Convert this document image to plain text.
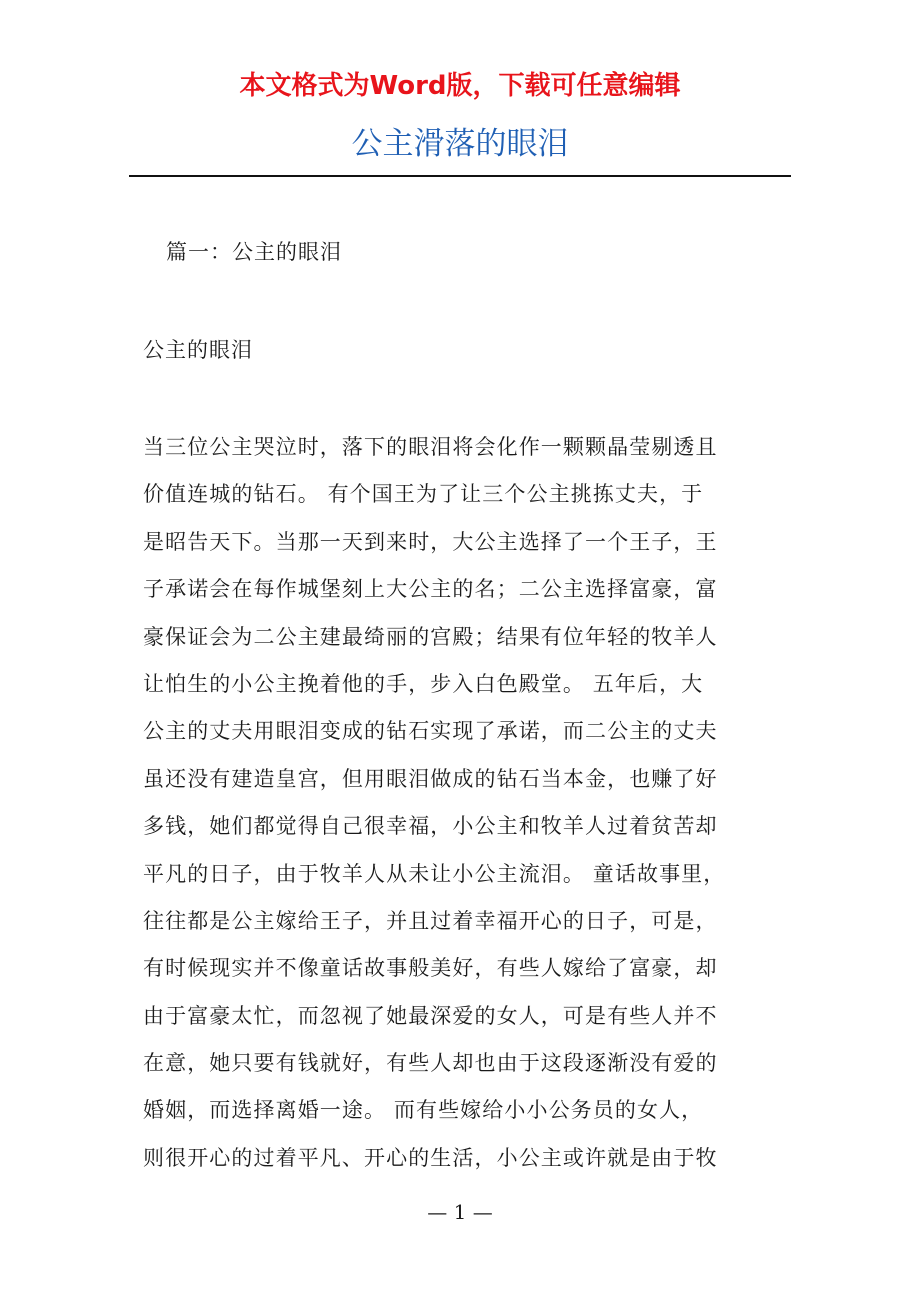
本文格式为Word版，下载可任意编辑
公主滑落的眼泪
篇一：公主的眼泪
公主的眼泪
当三位公主哭泣时，落下的眼泪将会化作一颗颗晶莹剔透且
价值连城的钻石。 有个国王为了让三个公主挑拣丈夫，于
是昭告天下。当那一天到来时，大公主选择了一个王子，王
子承诺会在每作城堡刻上大公主的名；二公主选择富豪，富
豪保证会为二公主建最绮丽的宫殿；结果有位年轻的牧羊人
让怕生的小公主挽着他的手，步入白色殿堂。 五年后，大
公主的丈夫用眼泪变成的钻石实现了承诺，而二公主的丈夫
虽还没有建造皇宫，但用眼泪做成的钻石当本金，也赚了好
多钱，她们都觉得自己很幸福，小公主和牧羊人过着贫苦却
平凡的日子，由于牧羊人从未让小公主流泪。 童话故事里，
往往都是公主嫁给王子，并且过着幸福开心的日子，可是，
有时候现实并不像童话故事般美好，有些人嫁给了富豪，却
由于富豪太忙，而忽视了她最深爱的女人，可是有些人并不
在意，她只要有钱就好，有些人却也由于这段逐渐没有爱的
婚姻，而选择离婚一途。 而有些嫁给小小公务员的女人，
则很开心的过着平凡、开心的生活，小公主或许就是由于牧
— 1 —
